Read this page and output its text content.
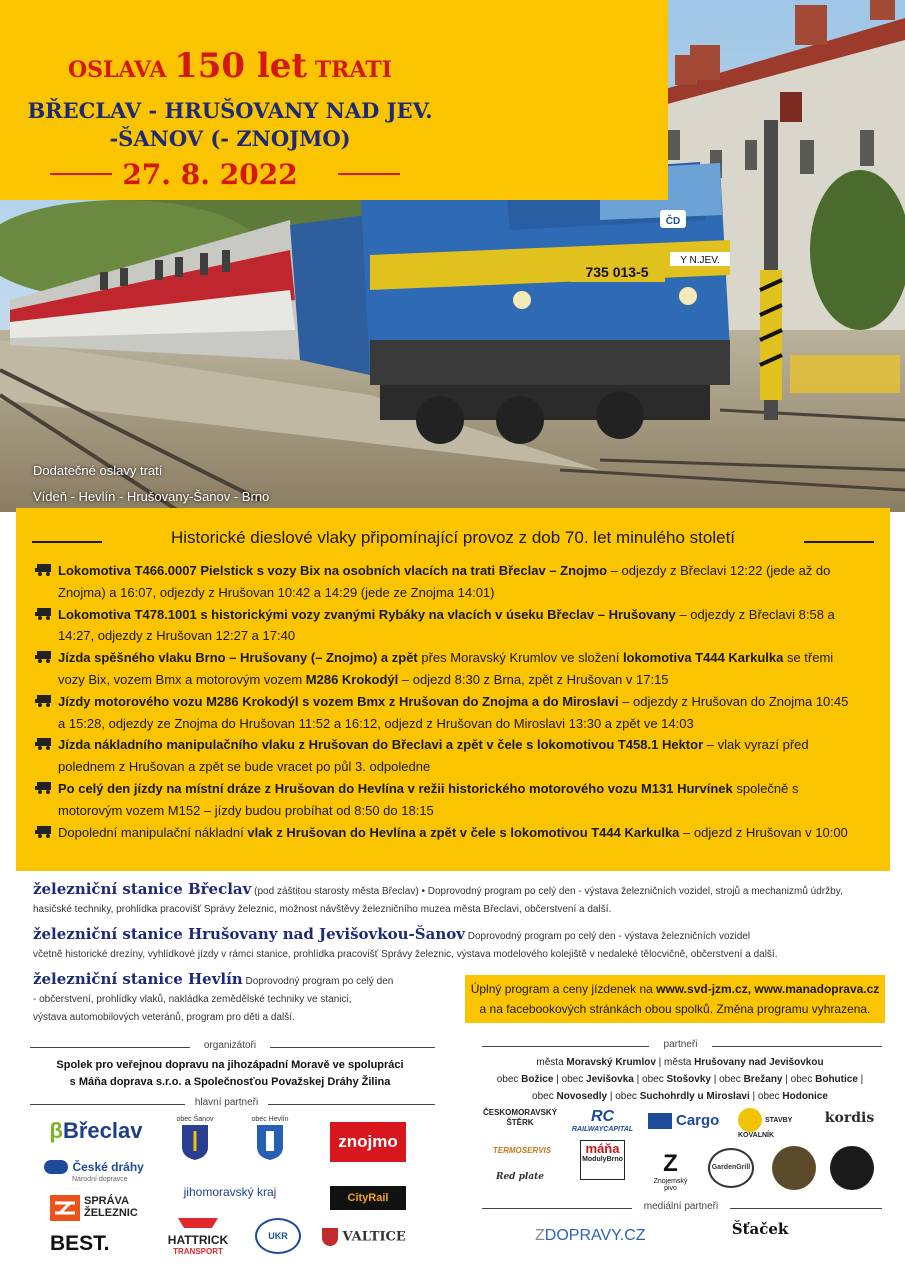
735 013-5
ČD
Y N.JEV.
OSLAVA 150 let TRATI
BŘECLAV - HRUŠOVANY NAD JEV.
-ŠANOV (- ZNOJMO)
27. 8. 2022
Dodatečné oslavy tratí
Vídeň - Hevlín - Hrušovany-Šanov - Brno
Historické dieslové vlaky připomínající provoz z dob 70. let minulého století
Lokomotiva T466.0007 Pielstick s vozy Bix na osobních vlacích na trati Břeclav – Znojmo – odjezdy z Břeclavi 12:22 (jede až do Znojma) a 16:07, odjezdy z Hrušovan 10:42 a 14:29 (jede ze Znojma 14:01)
Lokomotiva T478.1001 s historickými vozy zvanými Rybáky na vlacích v úseku Břeclav – Hrušovany – odjezdy z Břeclavi 8:58 a 14:27, odjezdy z Hrušovan 12:27 a 17:40
Jízda spěšného vlaku Brno – Hrušovany (– Znojmo) a zpět přes Moravský Krumlov ve složení lokomotiva T444 Karkulka se třemi vozy Bix, vozem Bmx a motorovým vozem M286 Krokodýl – odjezd 8:30 z Brna, zpět z Hrušovan v 17:15
Jízdy motorového vozu M286 Krokodýl s vozem Bmx z Hrušovan do Znojma a do Miroslavi – odjezdy z Hrušovan do Znojma 10:45 a 15:28, odjezdy ze Znojma do Hrušovan 11:52 a 16:12, odjezd z Hrušovan do Miroslavi 13:30 a zpět ve 14:03
Jízda nákladního manipulačního vlaku z Hrušovan do Břeclavi a zpět v čele s lokomotivou T458.1 Hektor – vlak vyrazí před polednem z Hrušovan a zpět se bude vracet po půl 3. odpoledne
Po celý den jízdy na místní dráze z Hrušovan do Hevlína v režii historického motorového vozu M131 Hurvínek společně s motorovým vozem M152 – jízdy budou probíhat od 8:50 do 18:15
Dopolední manipulační nákladní vlak z Hrušovan do Hevlína a zpět v čele s lokomotivou T444 Karkulka – odjezd z Hrušovan v 10:00
železniční stanice Břeclav (pod záštitou starosty města Břeclav) • Doprovodný program po celý den - výstava železničních vozidel, strojů a mechanizmů údržby,
hasičské techniky, prohlídka pracovišť Správy železnic, možnost návštěvy železničního muzea města Břeclavi, občerstvení a další.
železniční stanice Hrušovany nad Jevišovkou-Šanov Doprovodný program po celý den - výstava železničních vozidel
včetně historické drezíny, vyhlídkové jízdy v rámci stanice, prohlídka pracovišť Správy železnic, výstava modelového kolejiště v nedaleké tělocvičně, občerstvení a další.
železniční stanice Hevlín Doprovodný program po celý den
- občerstvení, prohlídky vlaků, nakládka zemědělské techniky ve stanici,
výstava automobilových veteránů, program pro děti a další.
Úplný program a ceny jízdenek na www.svd-jzm.cz, www.manadoprava.cz
a na facebookových stránkách obou spolků. Změna programu vyhrazena.
organizátoři
Spolek pro veřejnou dopravu na jihozápadní Moravě ve spolupráci
s Máňa doprava s.r.o. a Společnosťou Považskej Dráhy Žilina
hlavní partneři
βBřeclav
České dráhy
Národní dopravce
obec Šanov	obec Hevlín
znojmo
SPRÁVA
ŽELEZNIC
jihomoravský kraj	CityRail
BEST.	HATTRICK
TRANSPORT
UKR	VALTICE
partneři
města Moravský Krumlov | města Hrušovany nad Jevišovkou
obec Božice | obec Jevišovka | obec Stošovky | obec Brežany | obec Bohutice |
obec Novosedly | obec Suchohrdly u Miroslavi | obec Hodonice
ČESKOMORAVSKÝ ŠTĚRK	RC
RAILWAYCAPITAL
Cargo	STAVBY KOVALNÍK
kordis
TERMOSERVIS	máňa
ModulyBrno	Z
Znojemský pivo
GardenGrill
Red plate
mediální partneři
ZDOPRAVY.CZ	Šťaček
